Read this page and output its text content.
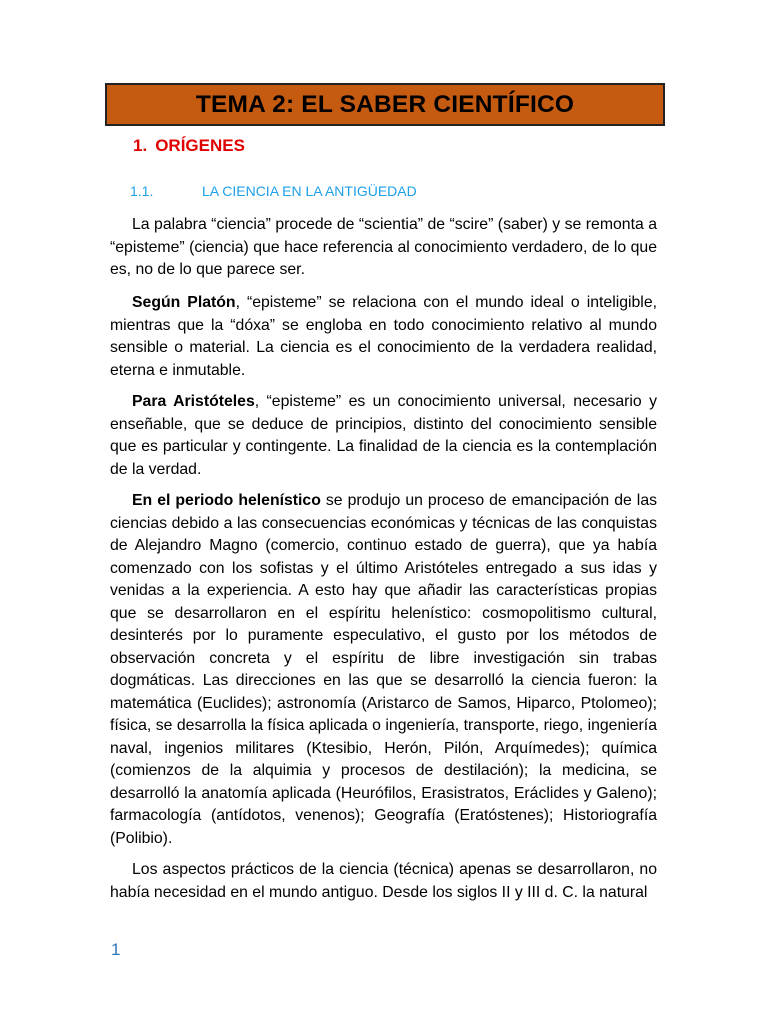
TEMA 2: EL SABER CIENTÍFICO
1. ORÍGENES
1.1.	LA CIENCIA EN LA ANTIGÜEDAD

La palabra “ciencia” procede de “scientia” de “scire” (saber) y se remonta a “episteme” (ciencia) que hace referencia al conocimiento verdadero, de lo que es, no de lo que parece ser.

Según Platón, “episteme” se relaciona con el mundo ideal o inteligible, mientras que la “dóxa” se engloba en todo conocimiento relativo al mundo sensible o material. La ciencia es el conocimiento de la verdadera realidad, eterna e inmutable.

Para Aristóteles, “episteme” es un conocimiento universal, necesario y enseñable, que se deduce de principios, distinto del conocimiento sensible que es particular y contingente. La finalidad de la ciencia es la contemplación de la verdad.

En el periodo helenístico se produjo un proceso de emancipación de las ciencias debido a las consecuencias económicas y técnicas de las conquistas de Alejandro Magno (comercio, continuo estado de guerra), que ya había comenzado con los sofistas y el último Aristóteles entregado a sus idas y venidas a la experiencia. A esto hay que añadir las características propias que se desarrollaron en el espíritu helenístico: cosmopolitismo cultural, desinterés por lo puramente especulativo, el gusto por los métodos de observación concreta y el espíritu de libre investigación sin trabas dogmáticas. Las direcciones en las que se desarrolló la ciencia fueron: la matemática (Euclides); astronomía (Aristarco de Samos, Hiparco, Ptolomeo); física, se desarrolla la física aplicada o ingeniería, transporte, riego, ingeniería naval, ingenios militares (Ktesibio, Herón, Pilón, Arquímedes); química (comienzos de la alquimia y procesos de destilación); la medicina, se desarrolló la anatomía aplicada (Heurófilos, Erasistratos, Eráclides y Galeno); farmacología (antídotos, venenos); Geografía (Eratóstenes); Historiografía (Polibio).

Los aspectos prácticos de la ciencia (técnica) apenas se desarrollaron, no había necesidad en el mundo antiguo. Desde los siglos II y III d. C. la natural

1
